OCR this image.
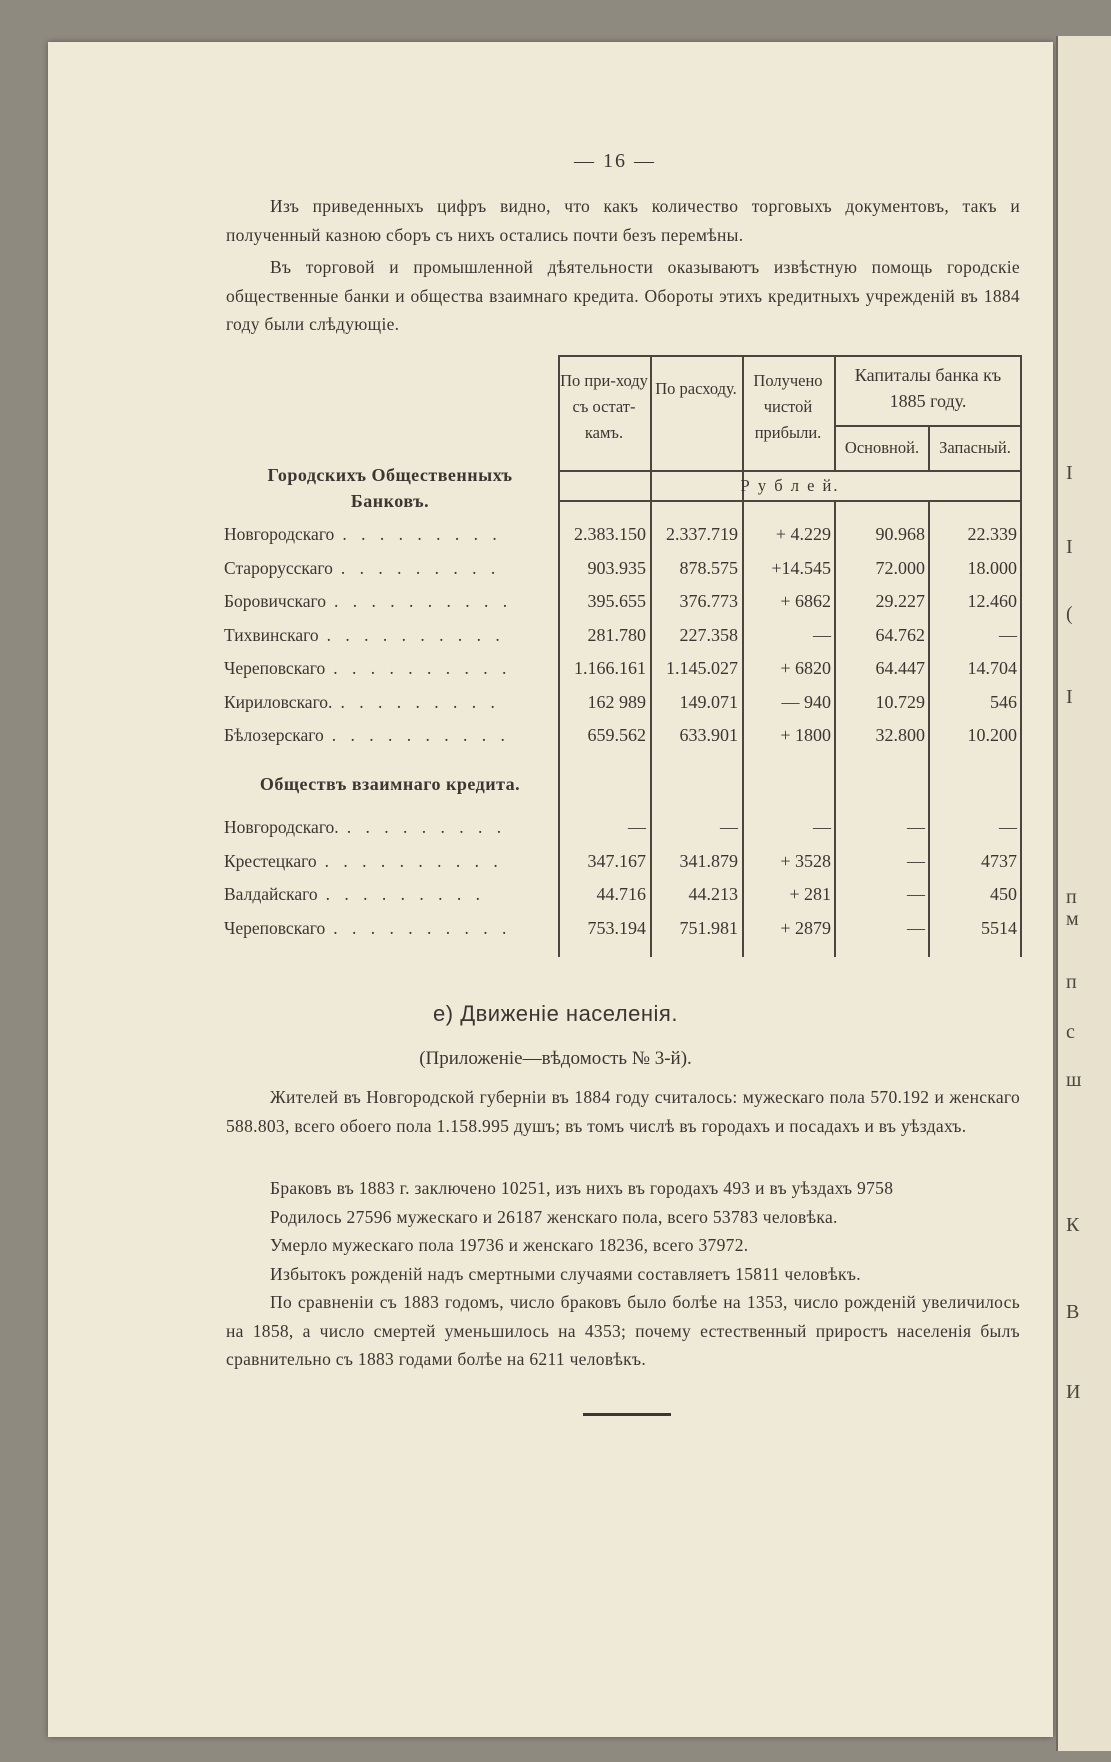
I
I
(
I
п
м
п
с
ш
К
В
И
— 16 —

Изъ приведенныхъ цифръ видно, что какъ количество торговыхъ документовъ, такъ и полученный казною сборъ съ нихъ остались почти безъ перемѣны.

Въ торговой и промышленной дѣятельности оказываютъ извѣстную помощь городскіе общественные банки и общества взаимнаго кредита. Обороты этихъ кредитныхъ учрежденій въ 1884 году были слѣдующіе.

По при-ходу съ остат-камъ.
По расходу.	Получено чистой прибыли.
Капиталы банка къ 1885 году.
Основной.	Запасный.
Р у б л е й.
Городскихъ Общественныхъ Банковъ.
Обществъ взаимнаго кредита.
Новгородскаго . . . . . . . . .	2.383.150	2.337.719	+ 4.229	90.968	22.339
Старорусскаго . . . . . . . . .	903.935	878.575	+14.545	72.000	18.000
Боровичскаго . . . . . . . . . .	395.655	376.773	+ 6862	29.227	12.460
Тихвинскаго . . . . . . . . . .	281.780	227.358	—	64.762	—
Череповскаго . . . . . . . . . .	1.166.161	1.145.027	+ 6820	64.447	14.704
Кириловскаго. . . . . . . . . .	162 989	149.071	— 940	10.729	546
Бѣлозерскаго . . . . . . . . . .	659.562	633.901	+ 1800	32.800	10.200
Новгородскаго. . . . . . . . . .	—	—	—	—	—
Крестецкаго . . . . . . . . . .	347.167	341.879	+ 3528	—	4737
Валдайскаго . . . . . . . . .	44.716	44.213	+ 281	—	450
Череповскаго . . . . . . . . . .	753.194	751.981	+ 2879	—	5514
е) Движеніе населенія.
(Приложеніе—вѣдомость № 3-й).

Жителей въ Новгородской губерніи въ 1884 году считалось: мужескаго пола 570.192 и женскаго 588.803, всего обоего пола 1.158.995 душъ; въ томъ числѣ въ городахъ и посадахъ и въ уѣздахъ.

Браковъ въ 1883 г. заключено 10251, изъ нихъ въ городахъ 493 и въ уѣздахъ 9758

Родилось 27596 мужескаго и 26187 женскаго пола, всего 53783 человѣка.

Умерло мужескаго пола 19736 и женскаго 18236, всего 37972.

Избытокъ рожденій надъ смертными случаями составляетъ 15811 человѣкъ.

По сравненіи съ 1883 годомъ, число браковъ было болѣе на 1353, число рожденій увеличилось на 1858, а число смертей уменьшилось на 4353; почему естественный приростъ населенія былъ сравнительно съ 1883 годами болѣе на 6211 человѣкъ.
